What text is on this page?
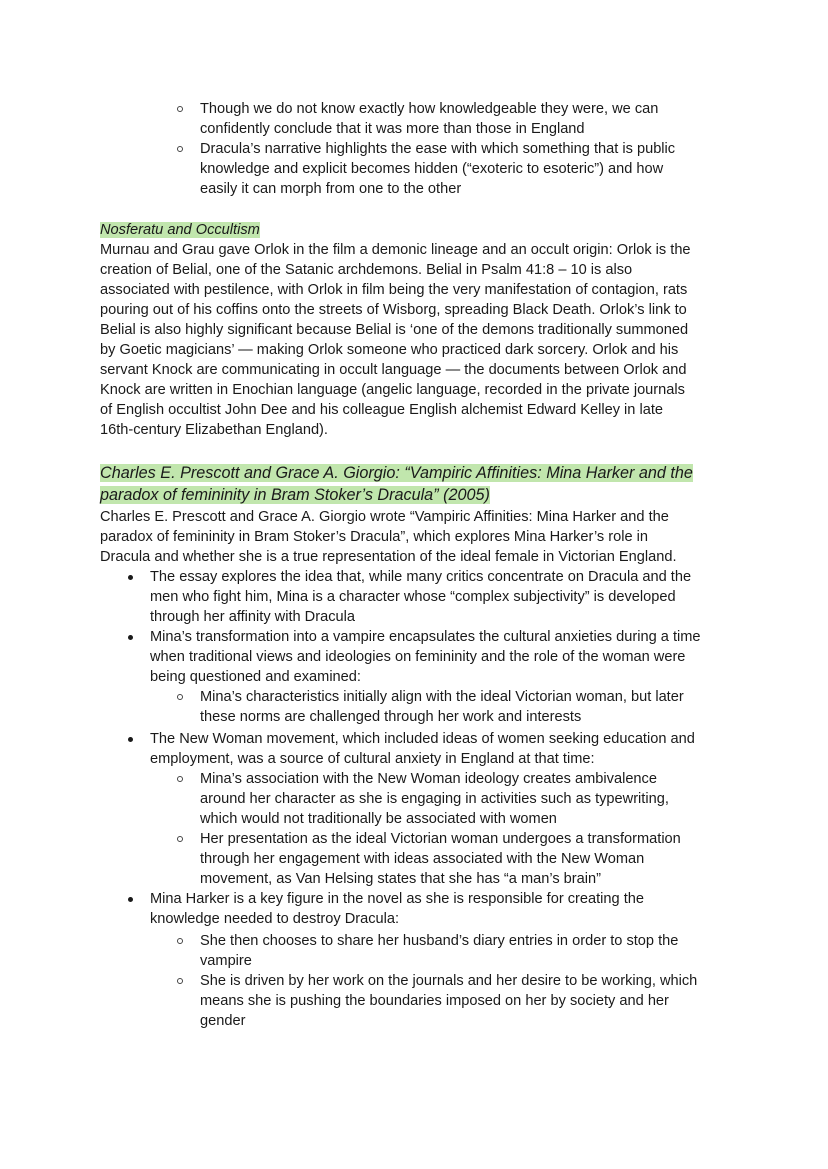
Though we do not know exactly how knowledgeable they were, we can
confidently conclude that it was more than those in England
Dracula’s narrative highlights the ease with which something that is public
knowledge and explicit becomes hidden (“exoteric to esoteric”) and how
easily it can morph from one to the other
Nosferatu and Occultism
Murnau and Grau gave Orlok in the film a demonic lineage and an occult origin: Orlok is the
creation of Belial, one of the Satanic archdemons. Belial in Psalm 41:8 – 10 is also
associated with pestilence, with Orlok in film being the very manifestation of contagion, rats
pouring out of his coffins onto the streets of Wisborg, spreading Black Death. Orlok’s link to
Belial is also highly significant because Belial is ‘one of the demons traditionally summoned
by Goetic magicians’ — making Orlok someone who practiced dark sorcery. Orlok and his
servant Knock are communicating in occult language — the documents between Orlok and
Knock are written in Enochian language (angelic language, recorded in the private journals
of English occultist John Dee and his colleague English alchemist Edward Kelley in late
16th-century Elizabethan England).
Charles E. Prescott and Grace A. Giorgio: “Vampiric Affinities: Mina Harker and the
paradox of femininity in Bram Stoker’s Dracula” (2005)
Charles E. Prescott and Grace A. Giorgio wrote “Vampiric Affinities: Mina Harker and the
paradox of femininity in Bram Stoker’s Dracula”, which explores Mina Harker’s role in
Dracula and whether she is a true representation of the ideal female in Victorian England.
The essay explores the idea that, while many critics concentrate on Dracula and the
men who fight him, Mina is a character whose “complex subjectivity” is developed
through her affinity with Dracula
Mina’s transformation into a vampire encapsulates the cultural anxieties during a time
when traditional views and ideologies on femininity and the role of the woman were
being questioned and examined:
Mina’s characteristics initially align with the ideal Victorian woman, but later
these norms are challenged through her work and interests
The New Woman movement, which included ideas of women seeking education and
employment, was a source of cultural anxiety in England at that time:
Mina’s association with the New Woman ideology creates ambivalence
around her character as she is engaging in activities such as typewriting,
which would not traditionally be associated with women
Her presentation as the ideal Victorian woman undergoes a transformation
through her engagement with ideas associated with the New Woman
movement, as Van Helsing states that she has “a man’s brain”
Mina Harker is a key figure in the novel as she is responsible for creating the
knowledge needed to destroy Dracula:
She then chooses to share her husband’s diary entries in order to stop the
vampire
She is driven by her work on the journals and her desire to be working, which
means she is pushing the boundaries imposed on her by society and her
gender
